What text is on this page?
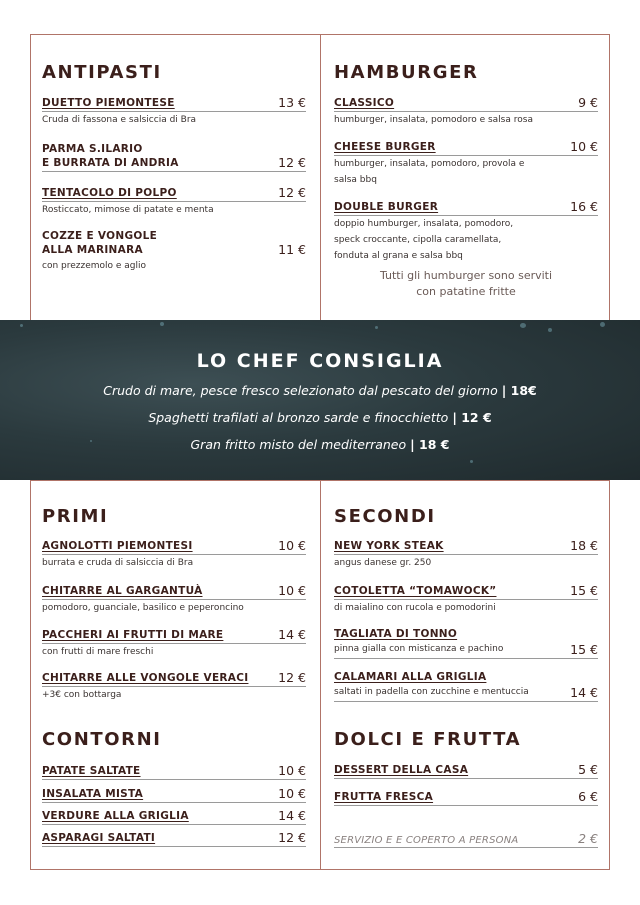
ANTIPASTI
DUETTO PIEMONTESE	13 €
Cruda di fassona e salsiccia di Bra
PARMA S.ILARIO
E BURRATA DI ANDRIA	12 €
TENTACOLO DI POLPO	12 €
Rosticcato, mimose di patate e menta
COZZE E VONGOLE
ALLA MARINARA	11 €
con prezzemolo e aglio
HAMBURGER
CLASSICO	9 €
humburger, insalata, pomodoro e salsa rosa
CHEESE BURGER	10 €
humburger, insalata, pomodoro, provola e
salsa bbq
DOUBLE BURGER	16 €
doppio humburger, insalata, pomodoro,
speck croccante, cipolla caramellata,
fonduta al grana e salsa bbq
Tutti gli humburger sono serviti
con patatine fritte
LO CHEF CONSIGLIA
Crudo di mare, pesce fresco selezionato dal pescato del giorno | 18€
Spaghetti trafilati al bronzo sarde e finocchietto | 12 €
Gran fritto misto del mediterraneo | 18 €
PRIMI
AGNOLOTTI PIEMONTESI	10 €
burrata e cruda di salsiccia di Bra
CHITARRE AL GARGANTUÀ	10 €
pomodoro, guanciale, basilico e peperoncino
PACCHERI AI FRUTTI DI MARE	14 €
con frutti di mare freschi
CHITARRE ALLE VONGOLE VERACI 12 €
+3€ con bottarga
SECONDI
NEW YORK STEAK	18 €
angus danese gr. 250
COTOLETTA “TOMAWOCK”	15 €
di maialino con rucola e pomodorini
TAGLIATA DI TONNO
pinna gialla con misticanza e pachino	15 €
CALAMARI ALLA GRIGLIA
saltati in padella con zucchine e mentuccia	14 €
CONTORNI
PATATE SALTATE	10 €
INSALATA MISTA	10 €
VERDURE ALLA GRIGLIA	14 €
ASPARAGI SALTATI	12 €
DOLCI E FRUTTA
DESSERT DELLA CASA	5 €
FRUTTA FRESCA	6 €
SERVIZIO E E COPERTO A PERSONA	2 €
